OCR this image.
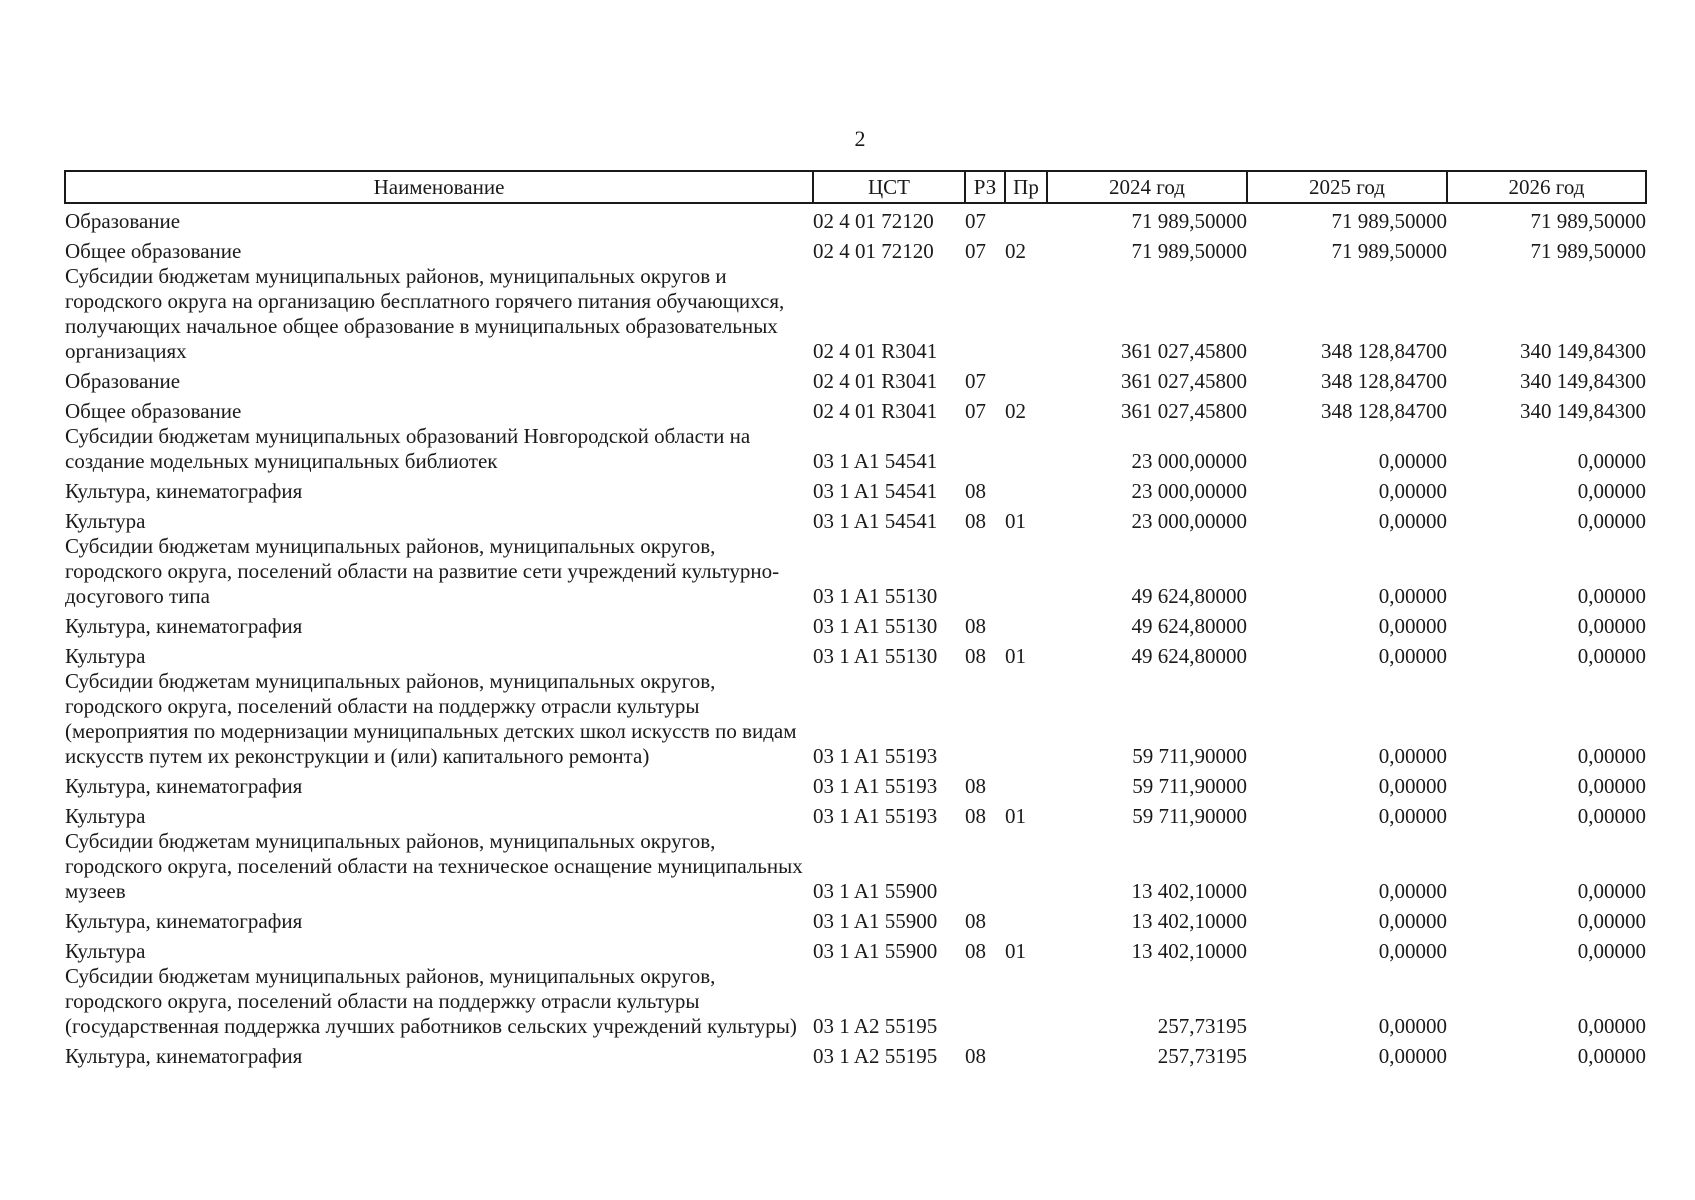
2
Наименование	ЦСТ	РЗ	Пр	2024 год	2025 год	2026 год
Образование	02 4 01 72120	07		71 989,50000	71 989,50000	71 989,50000
Общее образование	02 4 01 72120	07	02	71 989,50000	71 989,50000	71 989,50000
Субсидии бюджетам муниципальных районов, муниципальных округов и городского округа на организацию бесплатного горячего питания обучающихся, получающих начальное общее образование в муниципальных образовательных организациях	02 4 01 R3041			361 027,45800	348 128,84700	340 149,84300
Образование	02 4 01 R3041	07		361 027,45800	348 128,84700	340 149,84300
Общее образование	02 4 01 R3041	07	02	361 027,45800	348 128,84700	340 149,84300
Субсидии бюджетам муниципальных образований Новгородской области на создание модельных муниципальных библиотек	03 1 A1 54541			23 000,00000	0,00000	0,00000
Культура, кинематография	03 1 A1 54541	08		23 000,00000	0,00000	0,00000
Культура	03 1 A1 54541	08	01	23 000,00000	0,00000	0,00000
Субсидии бюджетам муниципальных районов, муниципальных округов, городского округа, поселений области на развитие сети учреждений культурно-досугового типа	03 1 A1 55130			49 624,80000	0,00000	0,00000
Культура, кинематография	03 1 A1 55130	08		49 624,80000	0,00000	0,00000
Культура	03 1 A1 55130	08	01	49 624,80000	0,00000	0,00000
Субсидии бюджетам муниципальных районов, муниципальных округов, городского округа, поселений области на поддержку отрасли культуры (мероприятия по модернизации муниципальных детских школ искусств по видам искусств путем их реконструкции и (или) капитального ремонта)	03 1 A1 55193			59 711,90000	0,00000	0,00000
Культура, кинематография	03 1 A1 55193	08		59 711,90000	0,00000	0,00000
Культура	03 1 A1 55193	08	01	59 711,90000	0,00000	0,00000
Субсидии бюджетам муниципальных районов, муниципальных округов, городского округа, поселений области на техническое оснащение муниципальных музеев	03 1 A1 55900			13 402,10000	0,00000	0,00000
Культура, кинематография	03 1 A1 55900	08		13 402,10000	0,00000	0,00000
Культура	03 1 A1 55900	08	01	13 402,10000	0,00000	0,00000
Субсидии бюджетам муниципальных районов, муниципальных округов, городского округа, поселений области на поддержку отрасли культуры (государственная поддержка лучших работников сельских учреждений культуры)	03 1 A2 55195			257,73195	0,00000	0,00000
Культура, кинематография	03 1 A2 55195	08		257,73195	0,00000	0,00000
